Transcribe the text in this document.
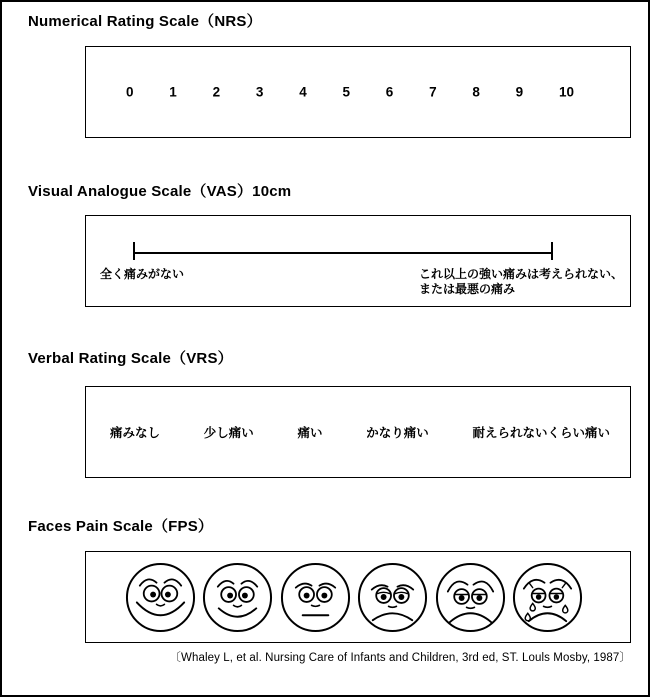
Numerical Rating Scale（NRS）
0	1	2	3	4	5	6	7	8	9	10
Visual Analogue Scale（VAS）10cm
全く痛みがない	これ以上の強い痛みは考えられない、
または最悪の痛み
Verbal Rating Scale（VRS）
痛みなし	少し痛い	痛い	かなり痛い	耐えられないくらい痛い
Faces Pain Scale（FPS）
〔Whaley L, et al. Nursing Care of Infants and Children, 3rd ed, ST. Louls Mosby, 1987〕
